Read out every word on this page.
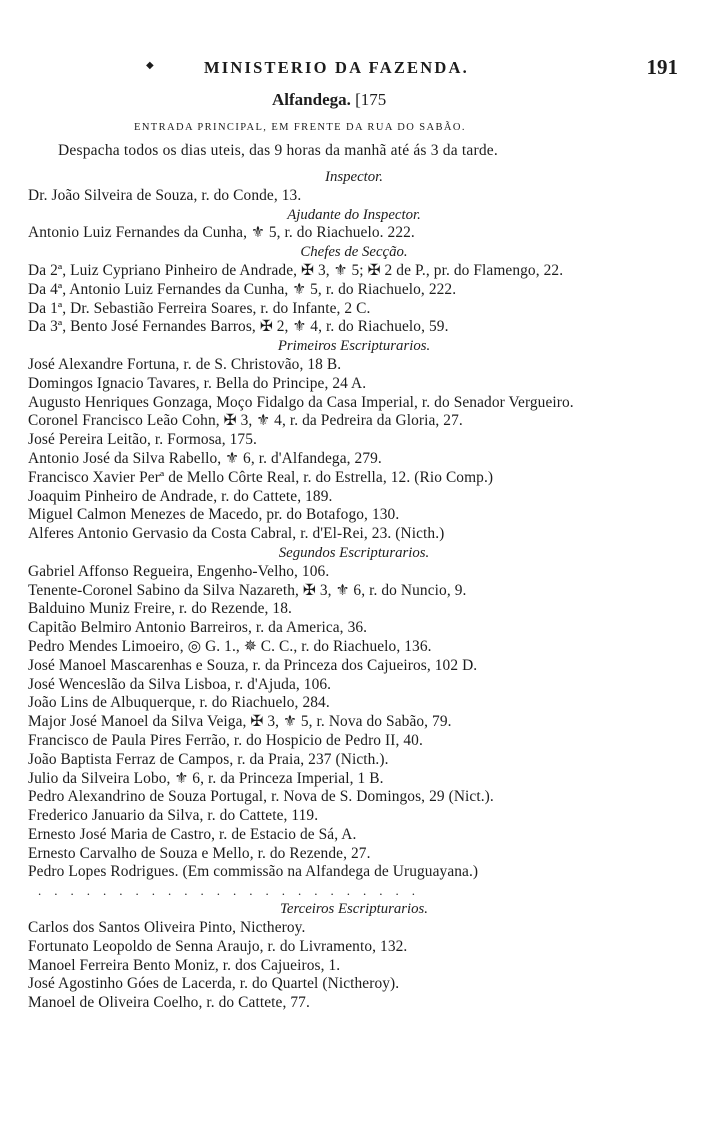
◆	MINISTERIO DA FAZENDA.	191
Alfandega. [175
ENTRADA PRINCIPAL, EM FRENTE DA RUA DO SABÃO.
Despacha todos os dias uteis, das 9 horas da manhã até ás 3 da tarde.
Inspector.
Dr. João Silveira de Souza, r. do Conde, 13.
Ajudante do Inspector.
Antonio Luiz Fernandes da Cunha, ⚜ 5, r. do Riachuelo. 222.
Chefes de Secção.
Da 2ª, Luiz Cypriano Pinheiro de Andrade, ✠ 3, ⚜ 5; ✠ 2 de P., pr. do Flamengo, 22.
Da 4ª, Antonio Luiz Fernandes da Cunha, ⚜ 5, r. do Riachuelo, 222.
Da 1ª, Dr. Sebastião Ferreira Soares, r. do Infante, 2 C.
Da 3ª, Bento José Fernandes Barros, ✠ 2, ⚜ 4, r. do Riachuelo, 59.
Primeiros Escripturarios.
José Alexandre Fortuna, r. de S. Christovão, 18 B.
Domingos Ignacio Tavares, r. Bella do Principe, 24 A.
Augusto Henriques Gonzaga, Moço Fidalgo da Casa Imperial, r. do Senador Vergueiro.
Coronel Francisco Leão Cohn, ✠ 3, ⚜ 4, r. da Pedreira da Gloria, 27.
José Pereira Leitão, r. Formosa, 175.
Antonio José da Silva Rabello, ⚜ 6, r. d'Alfandega, 279.
Francisco Xavier Perª de Mello Côrte Real, r. do Estrella, 12. (Rio Comp.)
Joaquim Pinheiro de Andrade, r. do Cattete, 189.
Miguel Calmon Menezes de Macedo, pr. do Botafogo, 130.
Alferes Antonio Gervasio da Costa Cabral, r. d'El-Rei, 23. (Nicth.)
Segundos Escripturarios.
Gabriel Affonso Regueira, Engenho-Velho, 106.
Tenente-Coronel Sabino da Silva Nazareth, ✠ 3, ⚜ 6, r. do Nuncio, 9.
Balduino Muniz Freire, r. do Rezende, 18.
Capitão Belmiro Antonio Barreiros, r. da America, 36.
Pedro Mendes Limoeiro, ◎ G. 1., ✵ C. C., r. do Riachuelo, 136.
José Manoel Mascarenhas e Souza, r. da Princeza dos Cajueiros, 102 D.
José Wenceslão da Silva Lisboa, r. d'Ajuda, 106.
João Lins de Albuquerque, r. do Riachuelo, 284.
Major José Manoel da Silva Veiga, ✠ 3, ⚜ 5, r. Nova do Sabão, 79.
Francisco de Paula Pires Ferrão, r. do Hospicio de Pedro II, 40.
João Baptista Ferraz de Campos, r. da Praia, 237 (Nicth.).
Julio da Silveira Lobo, ⚜ 6, r. da Princeza Imperial, 1 B.
Pedro Alexandrino de Souza Portugal, r. Nova de S. Domingos, 29 (Nict.).
Frederico Januario da Silva, r. do Cattete, 119.
Ernesto José Maria de Castro, r. de Estacio de Sá, A.
Ernesto Carvalho de Souza e Mello, r. do Rezende, 27.
Pedro Lopes Rodrigues. (Em commissão na Alfandega de Uruguayana.)
........................
Terceiros Escripturarios.
Carlos dos Santos Oliveira Pinto, Nictheroy.
Fortunato Leopoldo de Senna Araujo, r. do Livramento, 132.
Manoel Ferreira Bento Moniz, r. dos Cajueiros, 1.
José Agostinho Góes de Lacerda, r. do Quartel (Nictheroy).
Manoel de Oliveira Coelho, r. do Cattete, 77.
